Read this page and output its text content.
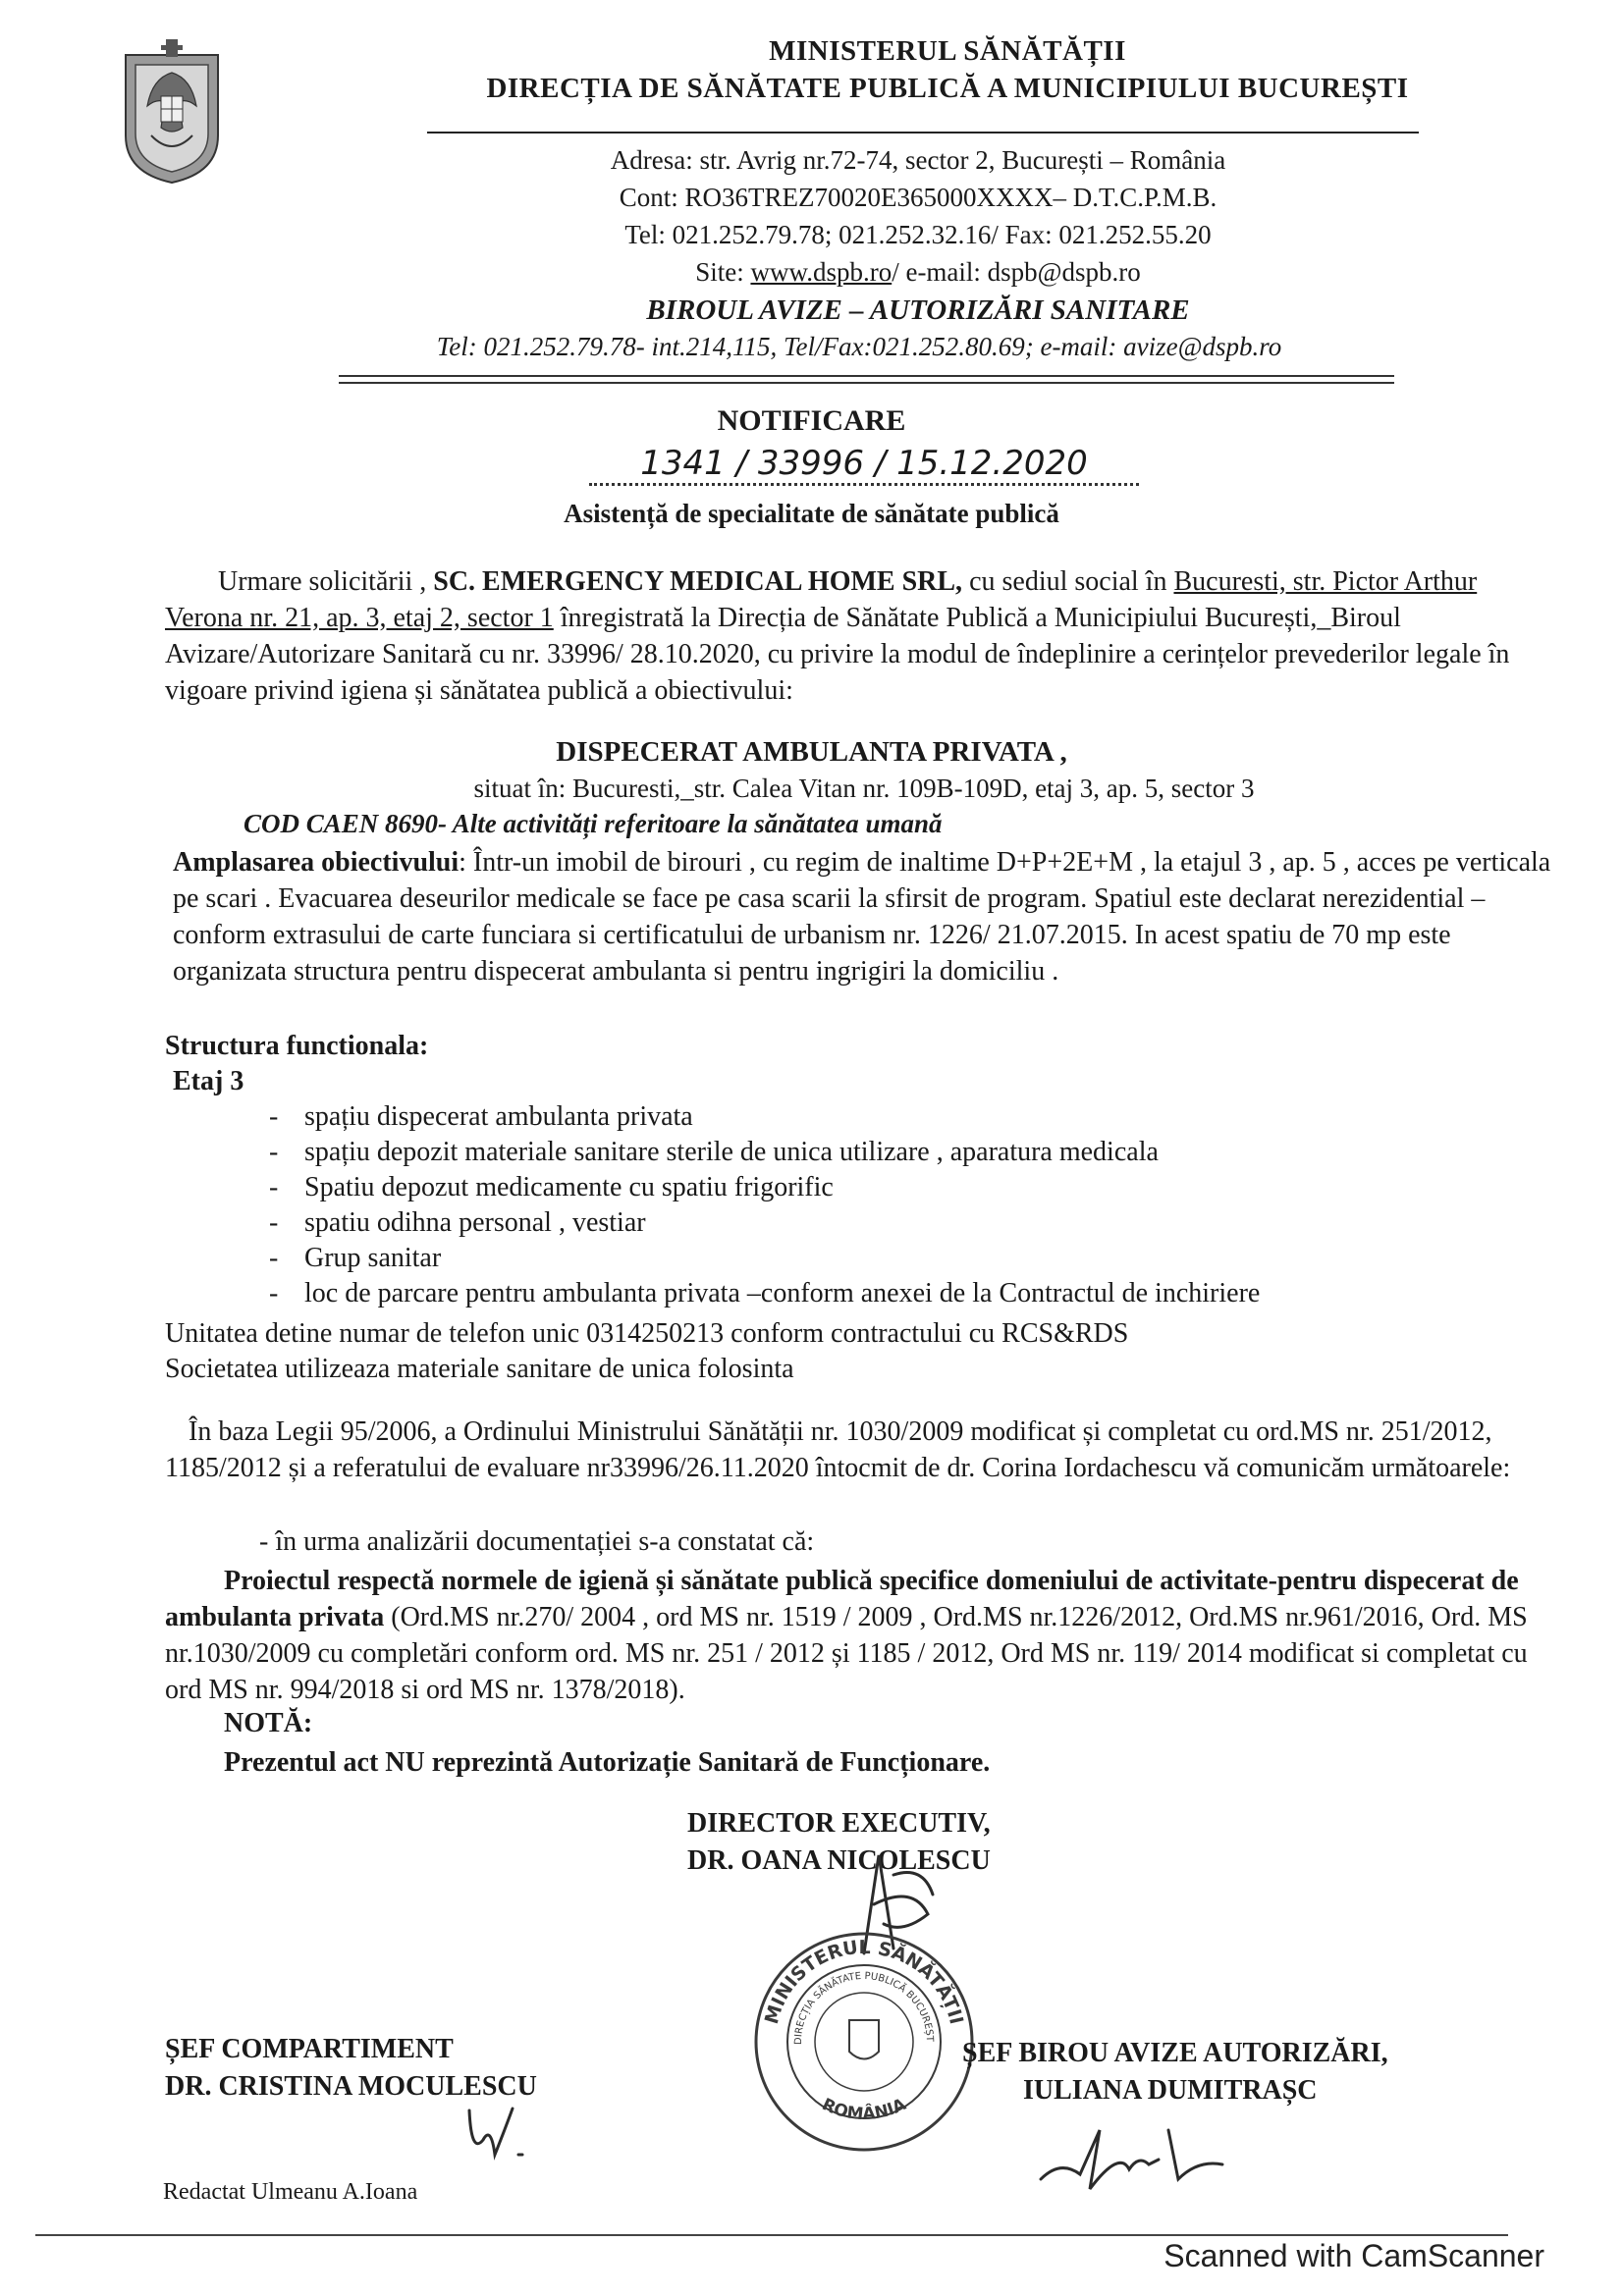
MINISTERUL SĂNĂTĂȚII
DIRECȚIA DE SĂNĂTATE PUBLICĂ A MUNICIPIULUI BUCUREȘTI
Adresa: str. Avrig nr.72-74, sector 2, București – România
Cont: RO36TREZ70020E365000XXXX– D.T.C.P.M.B.
Tel: 021.252.79.78; 021.252.32.16/ Fax: 021.252.55.20
Site: www.dspb.ro/ e-mail: dspb@dspb.ro
BIROUL AVIZE – AUTORIZĂRI SANITARE
Tel: 021.252.79.78- int.214,115, Tel/Fax:021.252.80.69; e-mail: avize@dspb.ro
NOTIFICARE
1341 / 33996 / 15.12.2020
Asistență de specialitate de sănătate publică
Urmare solicitării , SC. EMERGENCY MEDICAL HOME SRL, cu sediul social în Bucuresti, str. Pictor Arthur Verona nr. 21, ap. 3, etaj 2, sector 1 înregistrată la Direcția de Sănătate Publică a Municipiului București,_Biroul Avizare/Autorizare Sanitară cu nr. 33996/ 28.10.2020, cu privire la modul de îndeplinire a cerințelor prevederilor legale în vigoare privind igiena și sănătatea publică a obiectivului:
DISPECERAT AMBULANTA PRIVATA ,
situat în: Bucuresti,_str. Calea Vitan nr. 109B-109D, etaj 3, ap. 5, sector 3
COD CAEN 8690- Alte activități referitoare la sănătatea umană
Amplasarea obiectivului: Într-un imobil de birouri , cu regim de inaltime D+P+2E+M , la etajul 3 , ap. 5 , acces pe verticala pe scari . Evacuarea deseurilor medicale se face pe casa scarii la sfirsit de program. Spatiul este declarat nerezidential – conform extrasului de carte funciara si certificatului de urbanism nr. 1226/ 21.07.2015. In acest spatiu de 70 mp este organizata structura pentru dispecerat ambulanta si pentru ingrigiri la domiciliu .
Structura functionala:
Etaj 3
- spațiu dispecerat ambulanta privata
- spațiu depozit materiale sanitare sterile de unica utilizare , aparatura medicala
- Spatiu depozut medicamente cu spatiu frigorific
- spatiu odihna personal , vestiar
- Grup sanitar
- loc de parcare pentru ambulanta privata –conform anexei de la Contractul de inchiriere
Unitatea detine numar de telefon unic 0314250213 conform contractului cu RCS&RDS
Societatea utilizeaza materiale sanitare de unica folosinta
În baza Legii 95/2006, a Ordinului Ministrului Sănătății nr. 1030/2009 modificat și completat cu ord.MS nr. 251/2012, 1185/2012 și a referatului de evaluare nr33996/26.11.2020 întocmit de dr. Corina Iordachescu vă comunicăm următoarele:
- în urma analizării documentației s-a constatat că:
Proiectul respectă normele de igienă și sănătate publică specifice domeniului de activitate-pentru dispecerat de ambulanta privata (Ord.MS nr.270/ 2004 , ord MS nr. 1519 / 2009 , Ord.MS nr.1226/2012, Ord.MS nr.961/2016, Ord. MS nr.1030/2009 cu completări conform ord. MS nr. 251 / 2012 și 1185 / 2012, Ord MS nr. 119/ 2014 modificat si completat cu ord MS nr. 994/2018 si ord MS nr. 1378/2018).
NOTĂ:
Prezentul act NU reprezintă Autorizație Sanitară de Funcționare.
DIRECTOR EXECUTIV,
DR. OANA NICOLESCU
MINISTERUL SĂNĂTĂȚII
DIRECȚIA SĂNĂTATE PUBLICĂ BUCUREȘT
ROMÂNIA
ȘEF COMPARTIMENT
DR. CRISTINA MOCULESCU
ȘEF BIROU AVIZE AUTORIZĂRI,
IULIANA DUMITRAȘC
Redactat Ulmeanu A.Ioana
Scanned with CamScanner
